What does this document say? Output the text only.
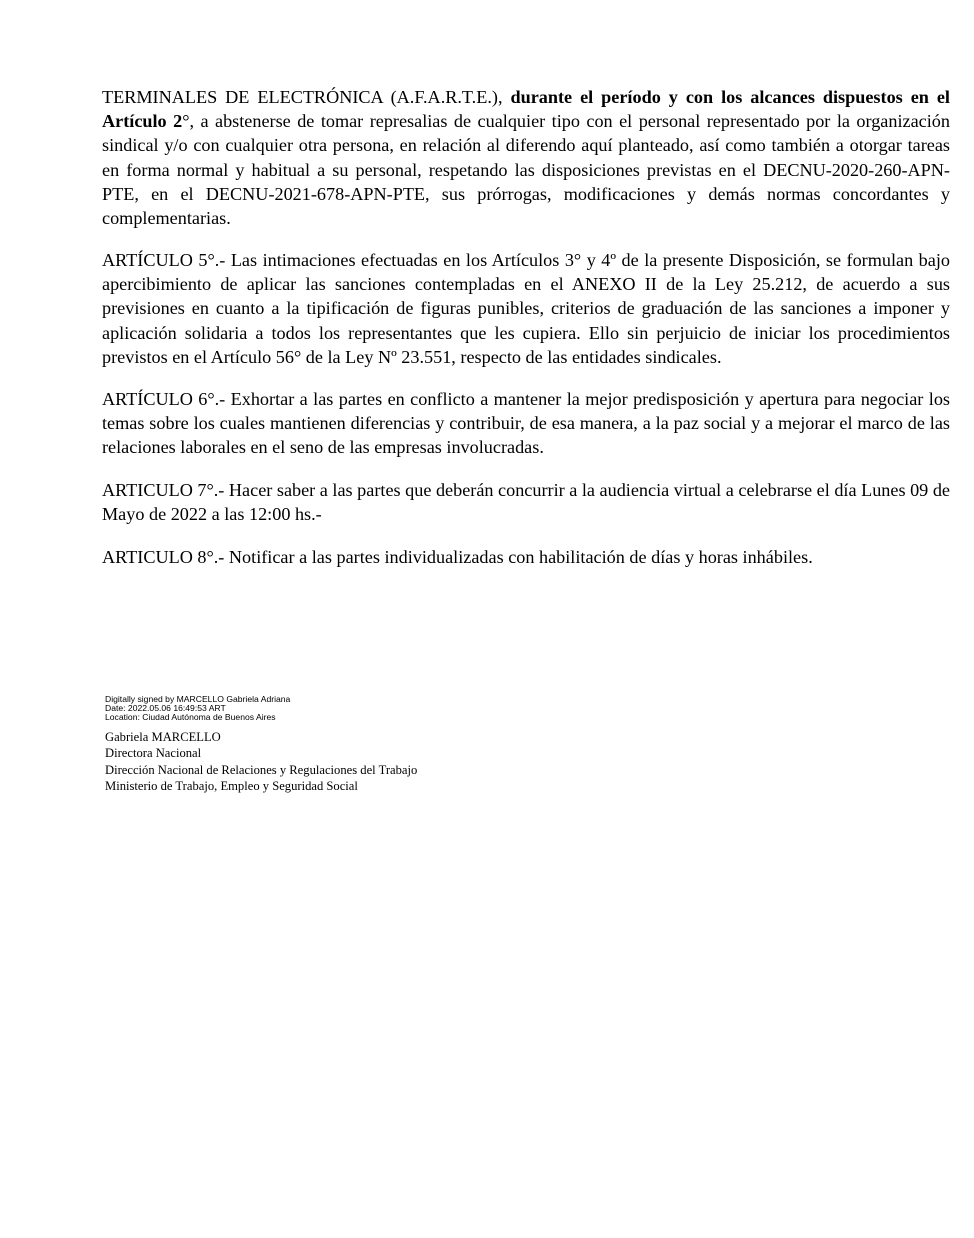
TERMINALES DE ELECTRÓNICA (A.F.A.R.T.E.), durante el período y con los alcances dispuestos en el Artículo 2°, a abstenerse de tomar represalias de cualquier tipo con el personal representado por la organización sindical y/o con cualquier otra persona, en relación al diferendo aquí planteado, así como también a otorgar tareas en forma normal y habitual a su personal, respetando las disposiciones previstas en el DECNU-2020-260-APN-PTE, en el DECNU-2021-678-APN-PTE, sus prórrogas, modificaciones y demás normas concordantes y complementarias.

ARTÍCULO 5°.- Las intimaciones efectuadas en los Artículos 3° y 4º de la presente Disposición, se formulan bajo apercibimiento de aplicar las sanciones contempladas en el ANEXO II de la Ley 25.212, de acuerdo a sus previsiones en cuanto a la tipificación de figuras punibles, criterios de graduación de las sanciones a imponer y aplicación solidaria a todos los representantes que les cupiera. Ello sin perjuicio de iniciar los procedimientos previstos en el Artículo 56° de la Ley Nº 23.551, respecto de las entidades sindicales.

ARTÍCULO 6°.- Exhortar a las partes en conflicto a mantener la mejor predisposición y apertura para negociar los temas sobre los cuales mantienen diferencias y contribuir, de esa manera, a la paz social y a mejorar el marco de las relaciones laborales en el seno de las empresas involucradas.

ARTICULO 7°.- Hacer saber a las partes que deberán concurrir a la audiencia virtual a celebrarse el día Lunes 09 de Mayo de 2022 a las 12:00 hs.-

ARTICULO 8°.- Notificar a las partes individualizadas con habilitación de días y horas inhábiles.

Digitally signed by MARCELLO Gabriela Adriana
Date: 2022.05.06 16:49:53 ART
Location: Ciudad Autónoma de Buenos Aires
Gabriela MARCELLO
Directora Nacional
Dirección Nacional de Relaciones y Regulaciones del Trabajo
Ministerio de Trabajo, Empleo y Seguridad Social
